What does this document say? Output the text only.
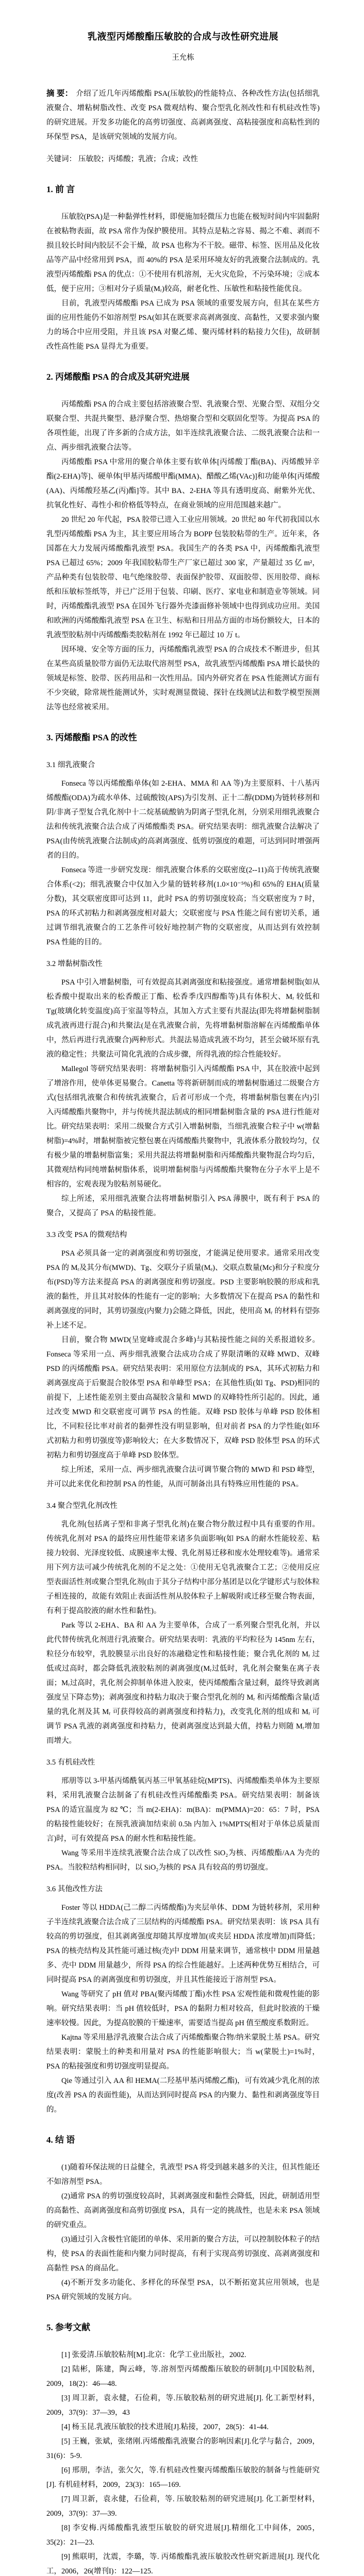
乳液型丙烯酸酯压敏胶的合成与改性研究进展
王允栋

摘 要： 介绍了近几年丙烯酸酯 PSA(压敏胶)的性能特点、各种改性方法(包括细乳液聚合、增粘树脂改性、改变 PSA 微观结构、聚合型乳化剂改性和有机硅改性等)的研究进展。开发多功能化的高剪切强度、高剥离强度、高粘接强度和高粘性到的环保型 PSA，是该研究领域的发展方向。

关键词： 压敏胶；丙烯酸；乳液；合成；改性

1. 前 言

压敏胶(PSA)是一种黏弹性材料，即便施加轻微压力也能在极短时间内牢固黏附在被粘物表面，故 PSA 常作为保护膜使用。其特点是粘之容易、揭之不难、剥而不损且较长时间内胶层不会干燥，故 PSA 也称为不干胶。磁带、标签、医用品及化妆品等产品中经常用到 PSA，而 40%的 PSA 是采用环境友好的乳液聚合法制成的。乳液型丙烯酸酯 PSA 的优点：①不使用有机溶剂，无火灾危险，不污染环境；②成本低，便于应用；③相对分子质量(Mᵣ)较高，耐老化性、压敏性和粘接性能优良。

目前，乳液型丙烯酸酯 PSA 已成为 PSA 领域的重要发展方向，但其在某些方面的应用性能仍不如溶剂型 PSA(如其在既要求高剥离强度、高黏性，又要求强内聚力的场合中应用受阻，并且该 PSA 对聚乙烯、聚丙烯材料的粘接力欠佳)，故研制改性高性能 PSA 显得尤为重要。

2. 丙烯酸酯 PSA 的合成及其研究进展

丙烯酸酯 PSA 的合成主要包括溶液聚合型、乳液聚合型、光聚合型、双组分交联聚合型、共混共聚型、悬浮聚合型、热熔聚合型和交联固化型等。为提高 PSA 的各项性能，出现了许多新的合成方法，如半连续乳液聚合法、二级乳液聚合法和一点、两步细乳液聚合法等。

丙烯酸酯 PSA 中常用的聚合单体主要有软单体[丙烯酸丁酯(BA)、丙烯酸异辛酯(2-EHA)等]、硬单体[甲基丙烯酸甲酯(MMA)、醋酸乙烯(VAc)]和功能单体[丙烯酸(AA)、丙烯酸羟基乙(丙)酯]等。其中 BA、2-EHA 等具有透明度高、耐紫外光优、抗氧化性好、毒性小和价格低等特点，在商业领域的应用范围越来越广。

20 世纪 20 年代起，PSA 胶带已进入工业应用领域。20 世纪 80 年代初我国以水乳型丙烯酸酯 PSA 为主，其主要应用场合为 BOPP 包装胶粘带的生产。近年来，各国都在大力发展丙烯酸酯乳液型 PSA。我国生产的各类 PSA 中，丙烯酸酯乳液型 PSA 已超过 65%；2009 年我国胶粘带生产厂家已超过 300 家，产量超过 35 亿 m²，产品种类有包装胶带、电气绝缘胶带、表面保护胶带、双面胶带、医用胶带、商标纸和压敏标签纸等，并已广泛用于包装、印刷、医疗、家电业和制造业等领域。同时，丙烯酸酯乳液型 PSA 在国外飞行器外壳漆面修补领域中也得到成功应用。美国和欧洲的丙烯酸酯乳液型 PSA 在卫生、标贴和日用品方面的市场份额较大，日本的乳液型胶粘剂中丙烯酸酯类胶粘剂在 1992 年已超过 10 万 t。

因环境、安全等方面的压力，丙烯酸酯乳液型 PSA 的合成技术不断进步，但其在某些高质量胶带方面仍无法取代溶剂型 PSA，故乳液型丙烯酸酯 PSA 增长最快的领域是标签、胶带、医药用品和一次性用品。国内外研究者在 PSA 性能测试方面有不少突破，除常规性能测试外，实时观测显微镜、探针在线测试法和数学模型预测法等也经常被采用。

3. 丙烯酸酯 PSA 的改性
3.1 细乳液聚合

Fonseca 等以丙烯酸酯单体(如 2-EHA、MMA 和 AA 等)为主要原料、十八基丙烯酸酯(ODA)为疏水单体、过硫酸铵(APS)为引发剂、正十二醇(DDM)为链转移剂和阴/非离子型复合乳化剂中十二烷基硫酸钠为阴离子型乳化剂，分别采用细乳液聚合法和传统乳液聚合法合成了丙烯酸酯类 PSA。研究结果表明：细乳液聚合法解决了 PSA(由传统乳液聚合法制成)的高剥离强度、低剪切强度的难题，可达到同时增强两者的目的。

Fonseca 等进一步研究发现：细乳液聚合体系的交联密度(2--11)高于传统乳液聚合体系(<2)；细乳液聚合中仅加入少量的链转移剂(1.0×10⁻⁵%)和 65%的 EHA(质量分数)，其交联密度即可达到 11，此时 PSA 的剪切强度较高；当交联密度为 7 时，PSA 的环式初粘力和剥离强度相对最大；交联密度与 PSA 性能之间有密切关系，通过调节细乳液聚合的工艺条件可较好地控制产物的交联密度，从而达到有效控制 PSA 性能的目的。

3.2 增黏树脂改性

PSA 中引入增黏树脂，可有效提高其剥离强度和粘接强度。通常增黏树脂(如从松香酸中提取出来的松香酸正丁酯、松香季戊四醇酯等)具有体积大、Mᵣ 较低和 Tg(玻璃化转变温度)高于室温等特点，其加入方式主要有共混法(即先将增黏树脂制成乳液再进行混合)和共聚法(是在乳液聚合前，先将增黏树脂溶解在丙烯酸酯单体中，然后再进行乳液聚合)两种形式。共混法易造成乳液不均匀，甚至会破坏原有乳液的稳定性；共聚法可简化乳液的合成步骤，所得乳液的综合性能较好。

Mallegol 等研究结果表明：将增黏树脂引入丙烯酸酯 PSA 中，其在胶液中起到了增溶作用，使单体更易聚合。Canetta 等将新研制而成的增黏树脂通过二级聚合方式(包括细乳液聚合和传统乳液聚合，后者可形成一个壳，将增黏树脂包裹在内)引入丙烯酸酯共聚物中，并与传统共混法制成的相同增黏树脂含量的 PSA 进行性能对比。研究结果表明：采用二级聚合方式引入增黏树脂，当细乳液聚合粒子中 w(增黏树脂)=4%时，增黏树脂被完整包裹在丙烯酸酯共聚物中，乳液体系分散较均匀，仅有极少量的增黏树脂富集；采用共混法将增黏树脂和丙烯酸酯共聚物混合均匀后，其微观结构同纯增黏树脂体系，说明增黏树脂与丙烯酸酯共聚物在分子水平上是不相容的，宏观表现为胶粘剂易硬化。

综上所述，采用细乳液聚合法将增黏树脂引入 PSA 薄膜中，既有利于 PSA 的聚合，又提高了 PSA 的粘接性能。

3.3 改变 PSA 的微观结构

PSA 必须具备一定的剥离强度和剪切强度，才能满足使用要求。通常采用改变 PSA 的 Mᵣ及其分布(MWD)、Tg、交联分子质量(Mₑ)、交联点数量(Mc)和分子粒度分布(PSD)等方法来提高 PSA 的剥离强度和剪切强度。PSD 主要影响胶膜的形成和乳液的黏性，并且其对胶体的性能有一定的影响；大多数情况下在提高 PSA 的黏性和剥离强度的同时，其剪切强度(内聚力)会随之降低，因此，使用高 Mᵣ 的材料有望弥补上述不足。

目前，聚合物 MWD(呈宽峰或混合多峰)与其粘接性能之间的关系报道较多。Fonseca 等采用一点、两步细乳液聚合法成功合成了界限清晰的双峰 MWD、双峰 PSD 的丙烯酸酯 PSA。研究结果表明：采用原位方法制成的 PSA，其环式初粘力和剥离强度高于后聚混合胶体型 PSA 和单峰型 PSA；在其他性质(如 Tg、PSD)相同的前提下，上述性能差别主要由高凝胶含量和 MWD 的双峰特性所引起的。因此，通过改变 MWD 和交联密度可调节 PSA 的性能。双峰 PSD 胶体与单峰 PSD 胶体相比，不同粒径比率对前者的黏弹性没有明显影响，但对前者 PSA 的力学性能(如环式初粘力和剪切强度等)影响较大；在大多数情况下，双峰 PSD 胶体型 PSA 的环式初粘力和剪切强度高于单峰 PSD 胶体型。

综上所述，采用一点、两步细乳液聚合法可调节聚合物的 MWD 和 PSD 峰型，并可以此来优化和控制 PSA 的性能，从而可制备出具有特殊应用性能的 PSA。

3.4 聚合型乳化剂改性

乳化剂(包括离子型和非离子型乳化剂)在聚合物分散过程中具有重要的作用。传统乳化剂对 PSA 的最终应用性能带来诸多负面影响(如 PSA 的耐水性能较差、粘接力较弱、光泽度较低、成膜速率太慢、乳化剂易迁移和废水处理较难等)。通常采用下列方法可减少传统乳化剂的不足之处：①使用无皂乳液聚合工艺；②使用反应型表面活性剂或聚合型乳化剂(由于其分子结构中部分基团是以化学键形式与胶体粒子相连接的，故能有效阻止表面活性剂从胶体粒子上解吸附或迁移至聚合物表面，有利于提高胶液的耐水性和黏性)。

Park 等以 2-EHA、BA 和 AA 为主要单体，合成了一系列聚合型乳化剂，并以此代替传统乳化剂进行乳液聚合。研究结果表明：乳液的平均粒径为 145nm 左右，粒径分布较窄，乳胶膜显示出良好的冻融稳定性和粘接性能；聚合乳化剂的 Mᵣ 过低或过高时，都会降低乳液胶粘剂的剥离强度(Mᵣ过低时，乳化剂会聚集在离子表面；Mᵣ过高时，乳化剂会抑制单体进入胶束，使丙烯酸酯含量过剩，最终导致剥离强度呈下降态势)；剥离强度和持粘力取决于聚合型乳化剂的 Mᵣ 和丙烯酸酯含量(适量的乳化剂及其 Mᵣ 可获得较高的剥离强度和持粘力)，改变乳化剂的组成和 Mᵣ 可调节 PSA 乳液的剥离强度和持粘力，使剥离强度达到最大值，持粘力则随 Mᵣ增加而增大。

3.5 有机硅改性

邢朋等以 3-甲基丙烯酰氧丙基三甲氧基硅烷(MPTS)、丙烯酸酯类单体为主要原料，采用乳液聚合法制备了有机硅改性丙烯酸酯类 PSA。研究结果表明：制备该 PSA 的适宜温度为 82 ℃；当 m(2-EHA)：m(BA)：m(PMMA)=20：65：7 时，PSA 的粘接性能较好；在预乳液滴加结束前 0.5h 内加入 1%MPTS(相对于单体总质量而言)时，可有效提高 PSA 的耐水性和粘接性能。

Wang 等采用半连续乳液聚合法合成了以改性 SiO₂为核、丙烯酸酯/AA 为壳的 PSA。当胶粒结构相同时，以 SiO₂为核的 PSA 具有较高的剪切强度。

3.6 其他改性方法

Foster 等以 HDDA(己二醇二丙烯酸酯)为夹层单体、DDM 为链转移剂，采用种子半连续乳液聚合法合成了三层结构的丙烯酸酯 PSA。研究结果表明：该 PSA 具有较高的剪切强度，但其剥离强度却随其厚度增加(或夹层 HDDA 浓度增加)而降低；PSA 的核壳结构及其性能可通过核(壳)中 DDM 用量来调节，通常核中 DDM 用量越多、壳中 DDM 用量越少，所得 PSA 的综合性能越好。上述两种优势互相结合，可同时提高 PSA 的剥离强度和剪切强度，并且其性能接近于溶剂型 PSA。

Wang 等研究了 pH 值对 PBA(聚丙烯酸丁酯)水性 PSA 宏观性能和微观性能的影响。研究结果表明：当 pH 值较低时，PSA 的黏附力相对较高，但此时胶液的干燥速率较慢。因此，为提高胶膜的干燥速率，需要适当提高 pH 值至酸度系数附近。

Kajtna 等采用悬浮乳液聚合法合成了丙烯酸酯聚合物/纳米蒙脱土基 PSA。研究结果表明：蒙脱土的种类和用量对 PSA 的性能影响很大；当 w(蒙脱土)=1%时，PSA 的粘接强度和剪切强度明显提高。

Qie 等通过引入 AA 和 HEMA(二羟基甲基丙烯酸乙酯)，可有效减少乳化剂的浓度(改善 PSA 的表面性能)，从而达到同时提高 PSA 的内聚力、黏性和剥离强度等目的。

4. 结 语

(1)随着环保法规的日益健全，乳液型 PSA 将受到越来越多的关注，但其性能还不如溶剂型 PSA。

(2)通常 PSA 的剪切强度较高时，其剥离强度和黏性会降低，因此，研制适用型的高黏性、高剥离强度和高剪切强度 PSA，具有一定的挑战性，也是未来 PSA 领域的研究重点。

(3)通过引入含极性官能团的单体、采用新的聚合方法，可以控制胶体粒子的结构，使 PSA 的表面性能和内聚力同时提高，有利于实现高剪切强度、高剥离强度和高黏性 PSA 的商品化。

(4)不断开发多功能化、多样化的环保型 PSA，以不断拓宽其应用领域，也是 PSA 研究领域的发展方向。

5. 参考文献

[1] 张爱清.压敏胶粘剂[M].北京：化学工业出版社，2002.

[2] 陆彬，陈建，陶云峰，等.溶剂型丙烯酸酯压敏胶的研制[J].中国胶粘剂，2009，18(2)：46—48.

[3] 周卫新，袁永健，石俭莉，等.压敏胶粘剂的研究进展[J]. 化工新型材料，2009，37(9)：37—39，43

[4] 杨玉昆.乳液压敏胶的技术进展[J].粘接，2007，28(5)：41-44.

[5] 王巍，张斌，张绪刚.丙烯酸酯乳液聚合的影响因素[J].化学与黏合，2009，31(6)：5-9.

[6] 邢朋，李洁，张欠欠，等.有机硅改性聚丙烯酸酯压敏胶的制备与性能研究[J]. 有机硅材料，2009，23(3)：165—169.

[7] 周卫新，袁永健，石俭莉，等. 压敏胶粘剂的研究进展[J]. 化工新型材料，2009，37(9)：37—39.

[8] 李安梅.丙烯酸酯乳液型压敏胶的研究进展[J].精细化工中间体，2005，35(2)：21—23.

[9] 熊联明，沈震，李璐，等. 丙烯酸酯乳液压敏胶改性研究新进展[J]. 现代化工，2006，26(增刊I)：122—125.
